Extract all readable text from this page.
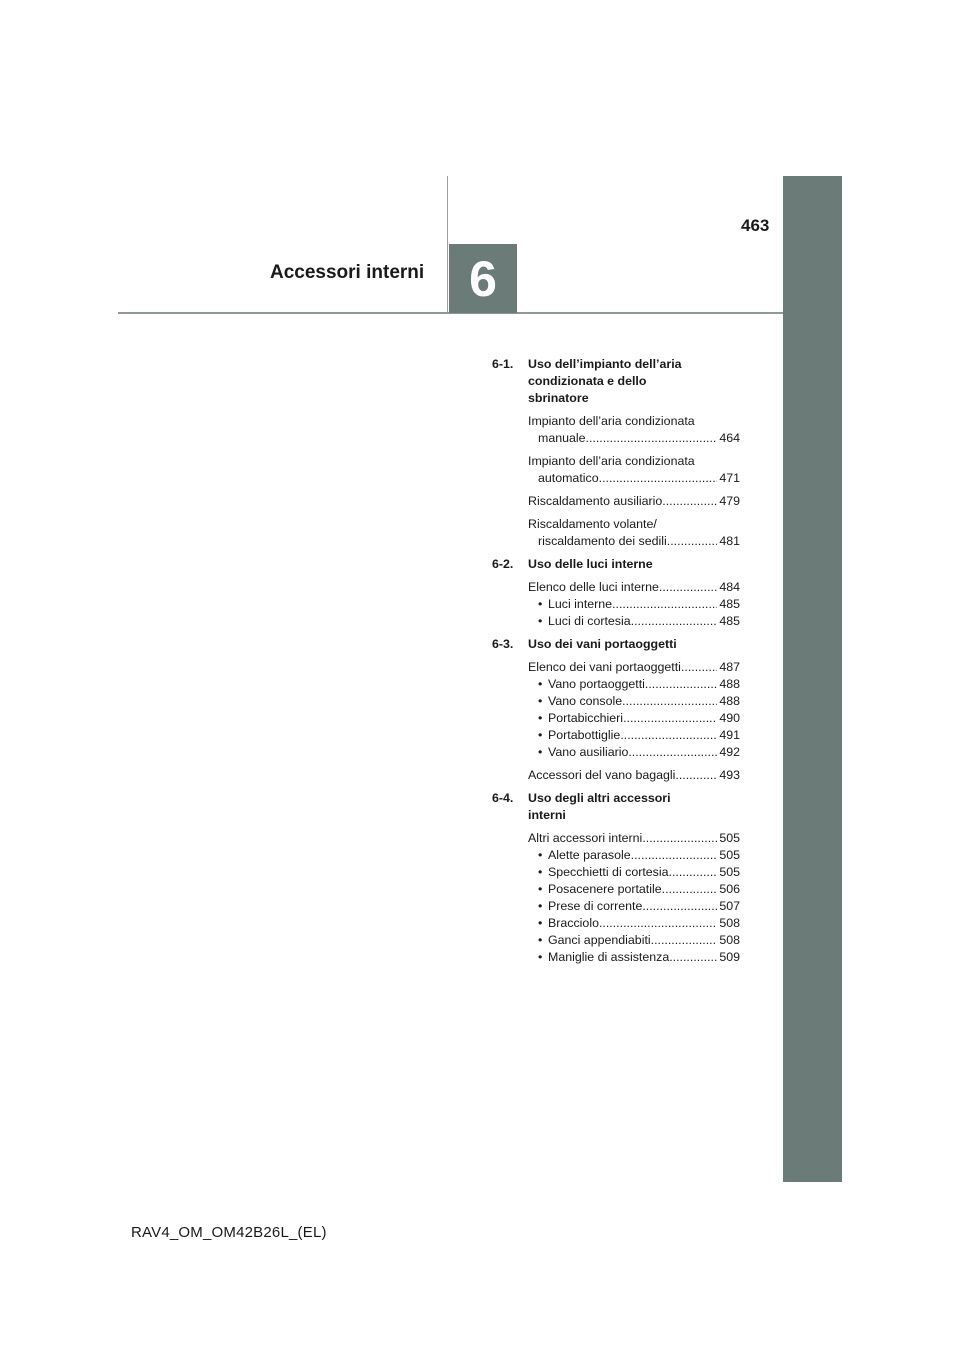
6
Accessori interni
463
6-1.	Uso dell’impianto dell’aria condizionata e dello sbrinatore
Impianto dell’aria condizionata
manuale .....	464
Impianto dell’aria condizionata
automatico .....	471
Riscaldamento ausiliario .....	479
Riscaldamento volante/
riscaldamento dei sedili .....	481
6-2.	Uso delle luci interne
Elenco delle luci interne .....	484
• Luci interne .....	485
• Luci di cortesia .....	485
6-3.	Uso dei vani portaoggetti
Elenco dei vani portaoggetti .....	487
• Vano portaoggetti .....	488
• Vano console .....	488
• Portabicchieri .....	490
• Portabottiglie .....	491
• Vano ausiliario .....	492
Accessori del vano bagagli .....	493
6-4.	Uso degli altri accessori interni
Altri accessori interni .....	505
• Alette parasole .....	505
• Specchietti di cortesia .....	505
• Posacenere portatile .....	506
• Prese di corrente .....	507
• Bracciolo .....	508
• Ganci appendiabiti .....	508
• Maniglie di assistenza .....	509
RAV4_OM_OM42B26L_(EL)
